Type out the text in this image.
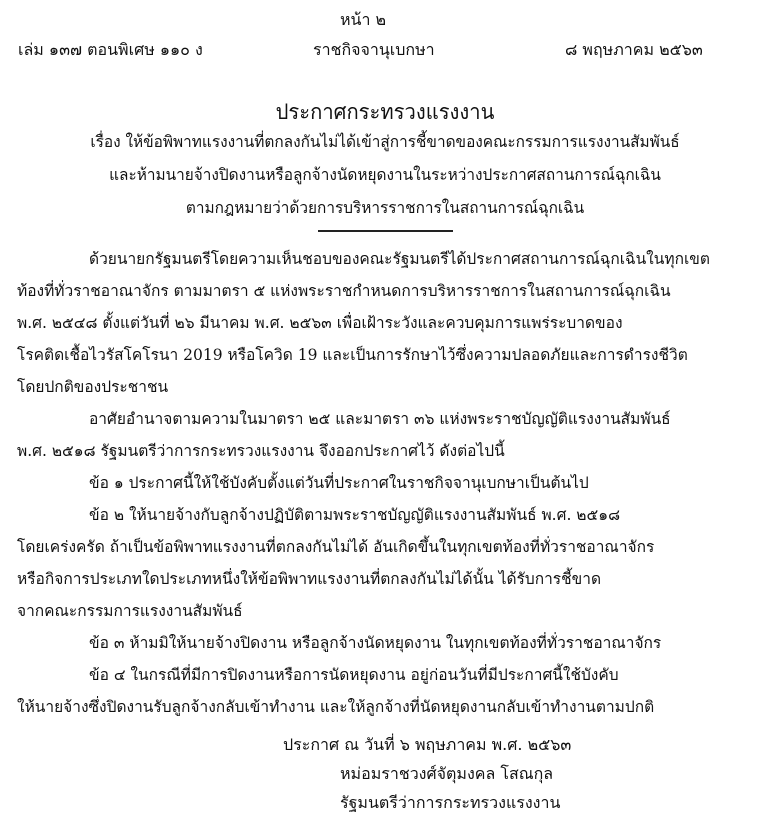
หน้า ๒
เล่ม ๑๓๗ ตอนพิเศษ ๑๑๐ ง	ราชกิจจานุเบกษา	๘ พฤษภาคม ๒๕๖๓
ประกาศกระทรวงแรงงาน
เรื่อง ให้ข้อพิพาทแรงงานที่ตกลงกันไม่ได้เข้าสู่การชี้ขาดของคณะกรรมการแรงงานสัมพันธ์
และห้ามนายจ้างปิดงานหรือลูกจ้างนัดหยุดงานในระหว่างประกาศสถานการณ์ฉุกเฉิน
ตามกฎหมายว่าด้วยการบริหารราชการในสถานการณ์ฉุกเฉิน

ด้วยนายกรัฐมนตรีโดยความเห็นชอบของคณะรัฐมนตรีได้ประกาศสถานการณ์ฉุกเฉินในทุกเขต

ท้องที่ทั่วราชอาณาจักร ตามมาตรา ๕ แห่งพระราชกำหนดการบริหารราชการในสถานการณ์ฉุกเฉิน

พ.ศ. ๒๕๔๘ ตั้งแต่วันที่ ๒๖ มีนาคม พ.ศ. ๒๕๖๓ เพื่อเฝ้าระวังและควบคุมการแพร่ระบาดของ

โรคติดเชื้อไวรัสโคโรนา 2019 หรือโควิด 19 และเป็นการรักษาไว้ซึ่งความปลอดภัยและการดำรงชีวิต

โดยปกติของประชาชน

อาศัยอำนาจตามความในมาตรา ๒๕ และมาตรา ๓๖ แห่งพระราชบัญญัติแรงงานสัมพันธ์

พ.ศ. ๒๕๑๘ รัฐมนตรีว่าการกระทรวงแรงงาน จึงออกประกาศไว้ ดังต่อไปนี้

ข้อ ๑ ประกาศนี้ให้ใช้บังคับตั้งแต่วันที่ประกาศในราชกิจจานุเบกษาเป็นต้นไป

ข้อ ๒ ให้นายจ้างกับลูกจ้างปฏิบัติตามพระราชบัญญัติแรงงานสัมพันธ์ พ.ศ. ๒๕๑๘

โดยเคร่งครัด ถ้าเป็นข้อพิพาทแรงงานที่ตกลงกันไม่ได้ อันเกิดขึ้นในทุกเขตท้องที่ทั่วราชอาณาจักร

หรือกิจการประเภทใดประเภทหนึ่งให้ข้อพิพาทแรงงานที่ตกลงกันไม่ได้นั้น ได้รับการชี้ขาด

จากคณะกรรมการแรงงานสัมพันธ์

ข้อ ๓ ห้ามมิให้นายจ้างปิดงาน หรือลูกจ้างนัดหยุดงาน ในทุกเขตท้องที่ทั่วราชอาณาจักร

ข้อ ๔ ในกรณีที่มีการปิดงานหรือการนัดหยุดงาน อยู่ก่อนวันที่มีประกาศนี้ใช้บังคับ

ให้นายจ้างซึ่งปิดงานรับลูกจ้างกลับเข้าทำงาน และให้ลูกจ้างที่นัดหยุดงานกลับเข้าทำงานตามปกติ

ประกาศ ณ วันที่ ๖ พฤษภาคม พ.ศ. ๒๕๖๓
หม่อมราชวงศ์จัตุมงคล โสณกุล
รัฐมนตรีว่าการกระทรวงแรงงาน
